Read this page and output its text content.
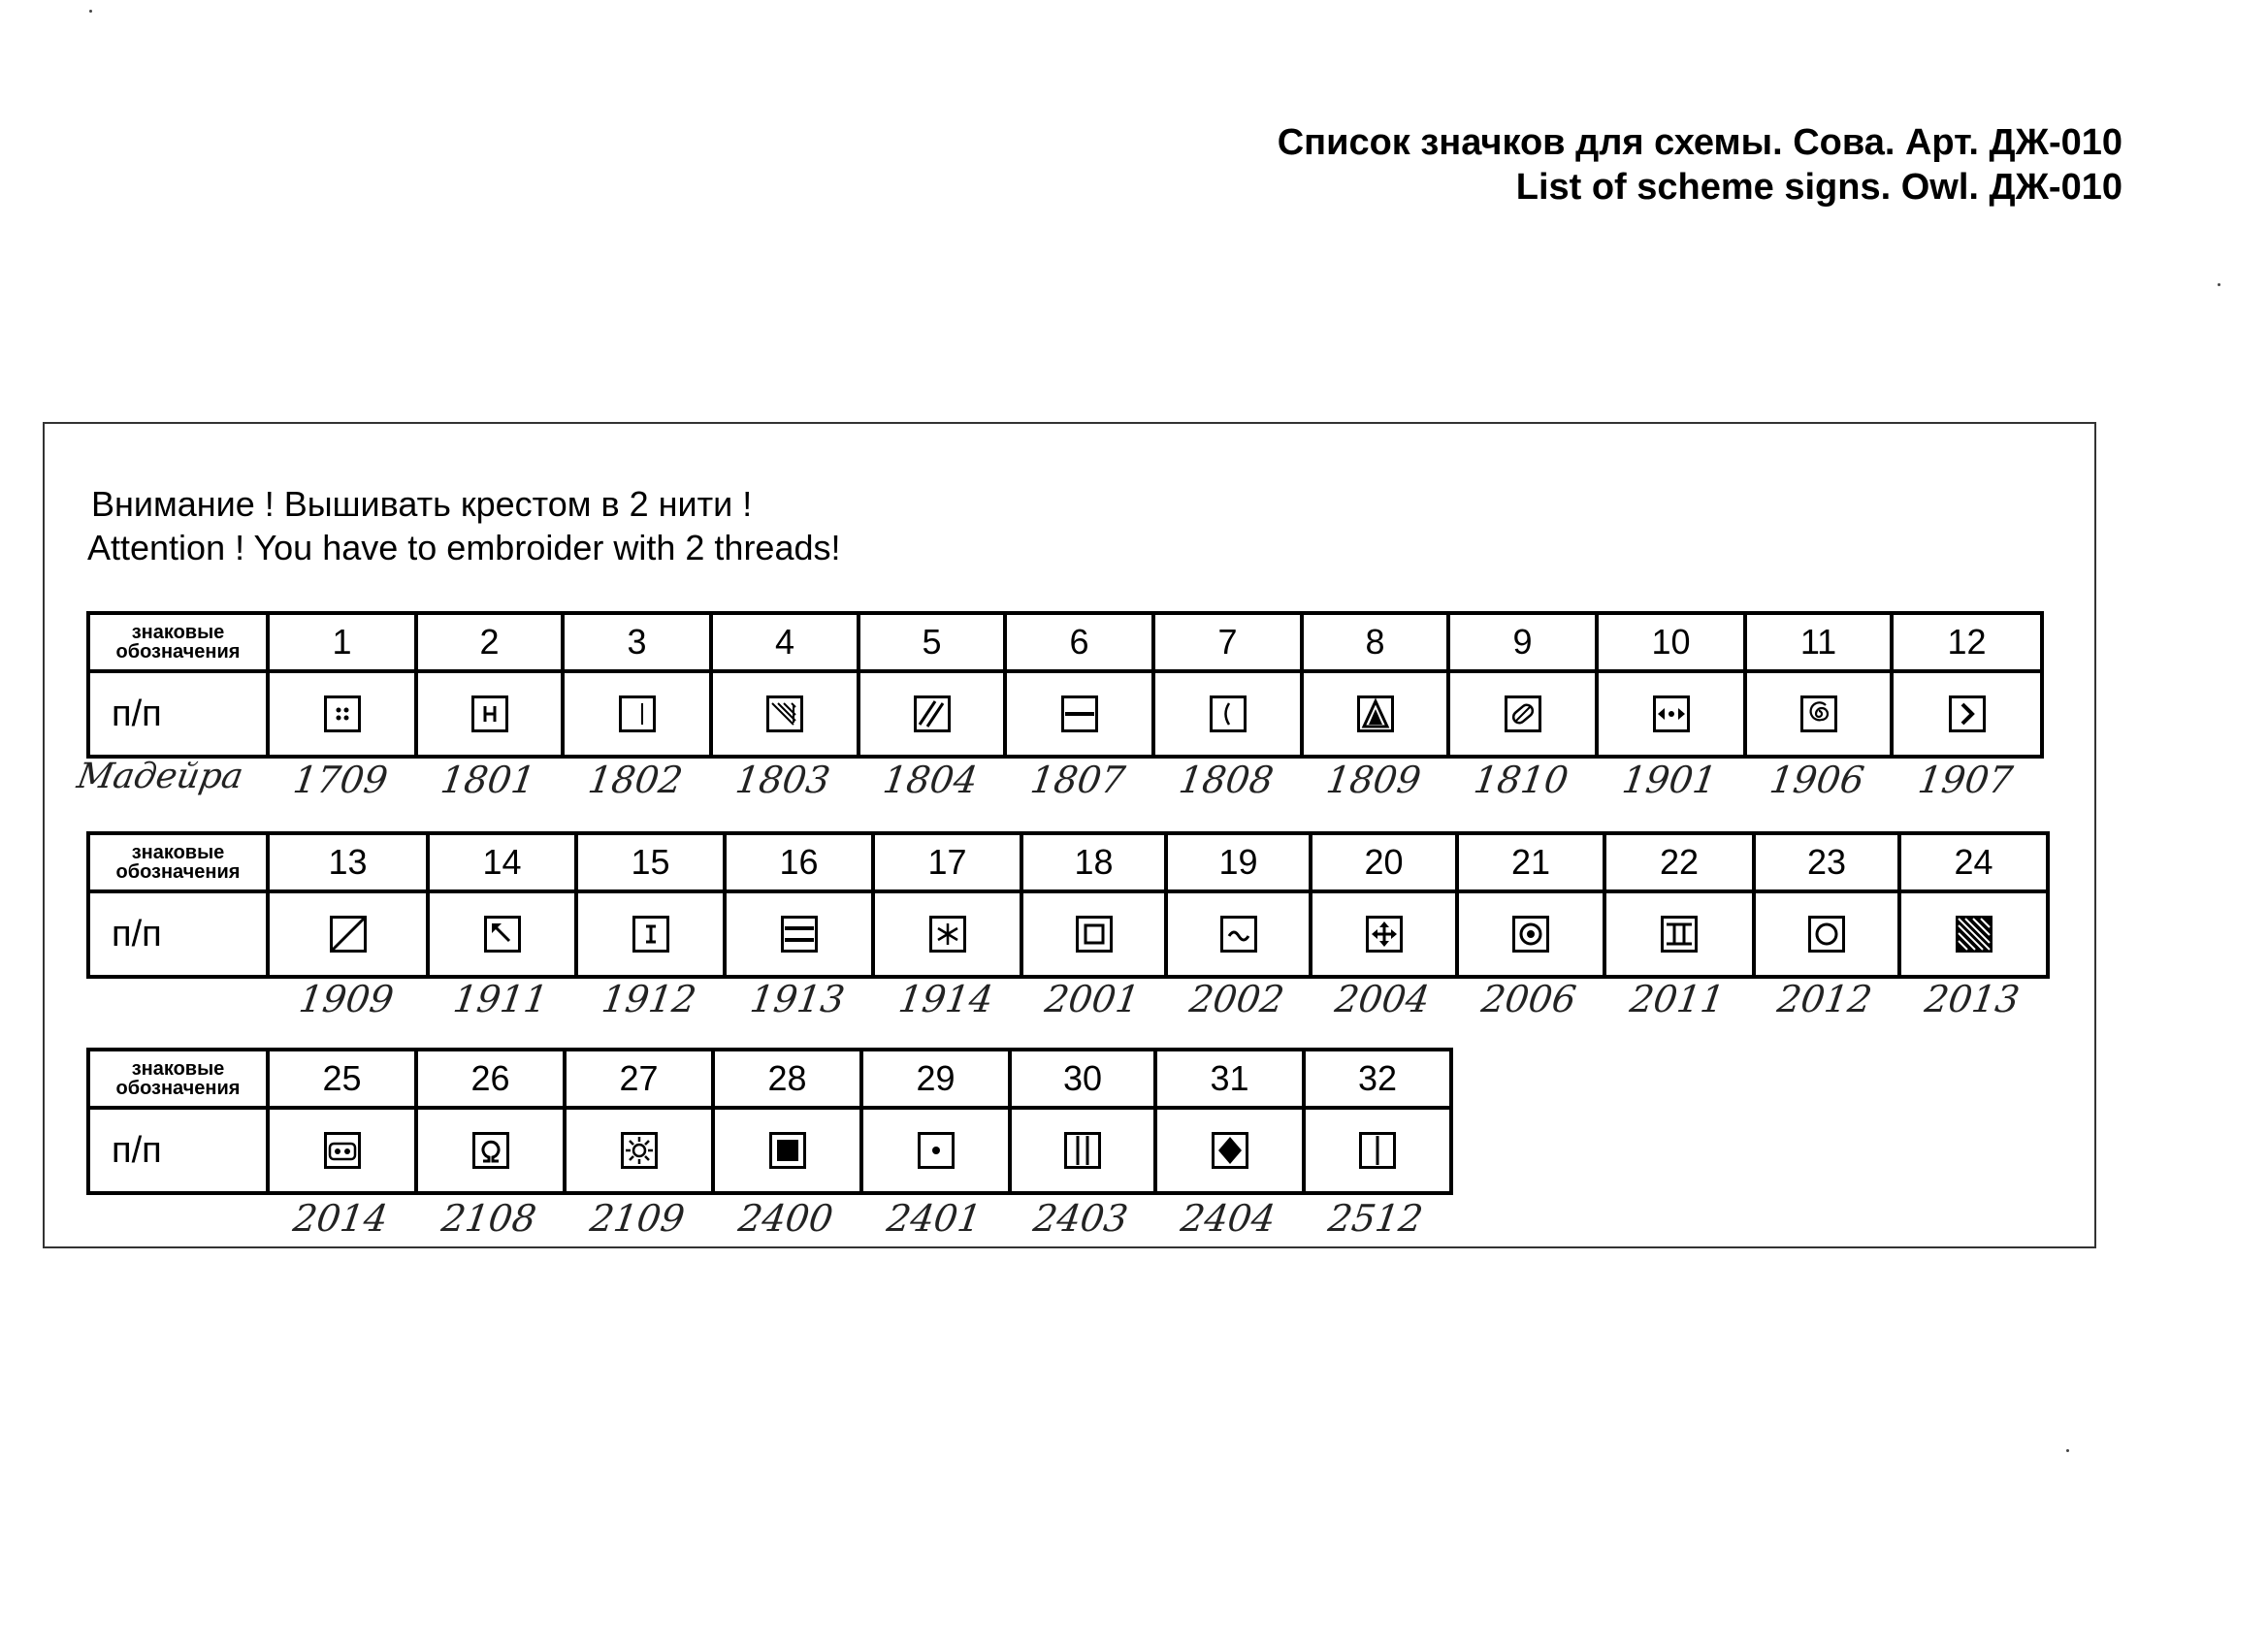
Список значков для схемы. Сова. Арт. ДЖ-010
List of scheme signs. Owl. ДЖ-010
Внимание ! Вышивать крестом в 2 нити !
Attention ! You have to embroider with 2 threads!
Мадейра
знаковые
обозначения	1	2	3	4	5	6	7	8	9	10	11	12
п/п	

1709	1801	1802	1803	1804	1807	1808	1809	1810	1901	1906	1907
знаковые
обозначения	13	14	15	16	17	18	19	20	21	22	23	24
п/п	

1909	1911	1912	1913	1914	2001	2002	2004	2006	2011	2012	2013
знаковые
обозначения	25	26	27	28	29	30	31	32
п/п	

2014	2108	2109	2400	2401	2403	2404	2512
